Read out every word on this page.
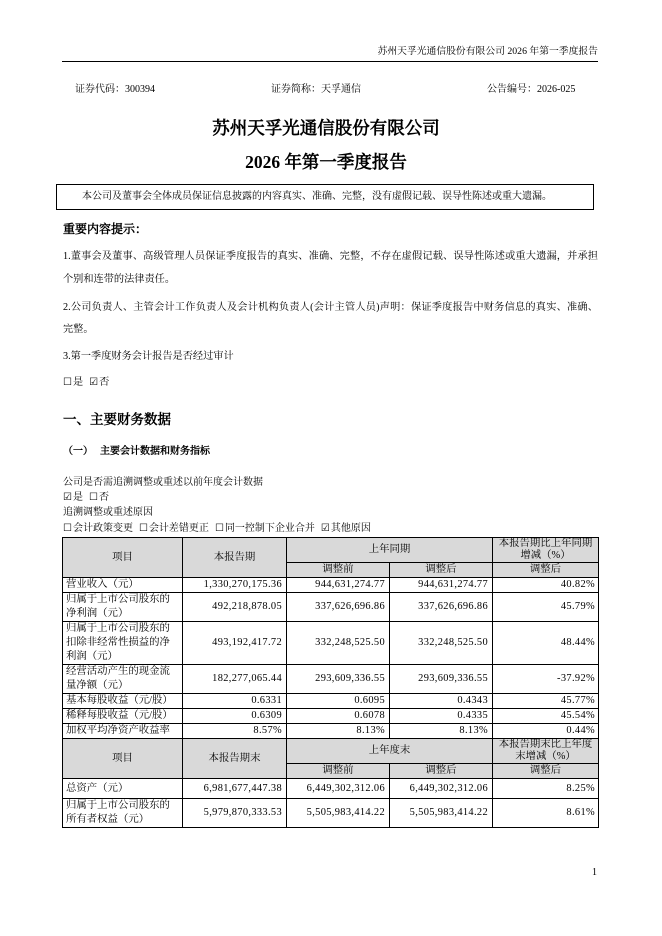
苏州天孚光通信股份有限公司 2026 年第一季度报告
证券代码：300394	证券简称：天孚通信	公告编号：2026-025
苏州天孚光通信股份有限公司
2026 年第一季度报告
本公司及董事会全体成员保证信息披露的内容真实、准确、完整，没有虚假记载、误导性陈述或重大遗漏。
重要内容提示：
1.董事会及董事、高级管理人员保证季度报告的真实、准确、完整，不存在虚假记载、误导性陈述或重大遗漏，并承担
个别和连带的法律责任。
2.公司负责人、主管会计工作负责人及会计机构负责人(会计主管人员)声明：保证季度报告中财务信息的真实、准确、
完整。
3.第一季度财务会计报告是否经过审计
☐是 ☑否
一、主要财务数据
（一） 主要会计数据和财务指标
公司是否需追溯调整或重述以前年度会计数据
☑是 ☐否
追溯调整或重述原因
☐会计政策变更 ☐会计差错更正 ☐同一控制下企业合并 ☑其他原因
项目	本报告期	上年同期		本报告期比上年同期增减（%）
		调整前	调整后	调整后

营业收入（元）	1,330,270,175.36	944,631,274.77	944,631,274.77	40.82%

归属于上市公司股东的净利润（元）	492,218,878.05	337,626,696.86	337,626,696.86	45.79%

归属于上市公司股东的扣除非经常性损益的净利润（元）	493,192,417.72	332,248,525.50	332,248,525.50	48.44%

经营活动产生的现金流量净额（元）	182,277,065.44	293,609,336.55	293,609,336.55	-37.92%

基本每股收益（元/股）	0.6331	0.6095	0.4343	45.77%

稀释每股收益（元/股）	0.6309	0.6078	0.4335	45.54%

加权平均净资产收益率	8.57%	8.13%	8.13%	0.44%
项目	本报告期末	上年度末		本报告期末比上年度末增减（%）
		调整前	调整后	调整后

总资产（元）	6,981,677,447.38	6,449,302,312.06	6,449,302,312.06	8.25%

归属于上市公司股东的所有者权益（元）	5,979,870,333.53	5,505,983,414.22	5,505,983,414.22	8.61%
1
